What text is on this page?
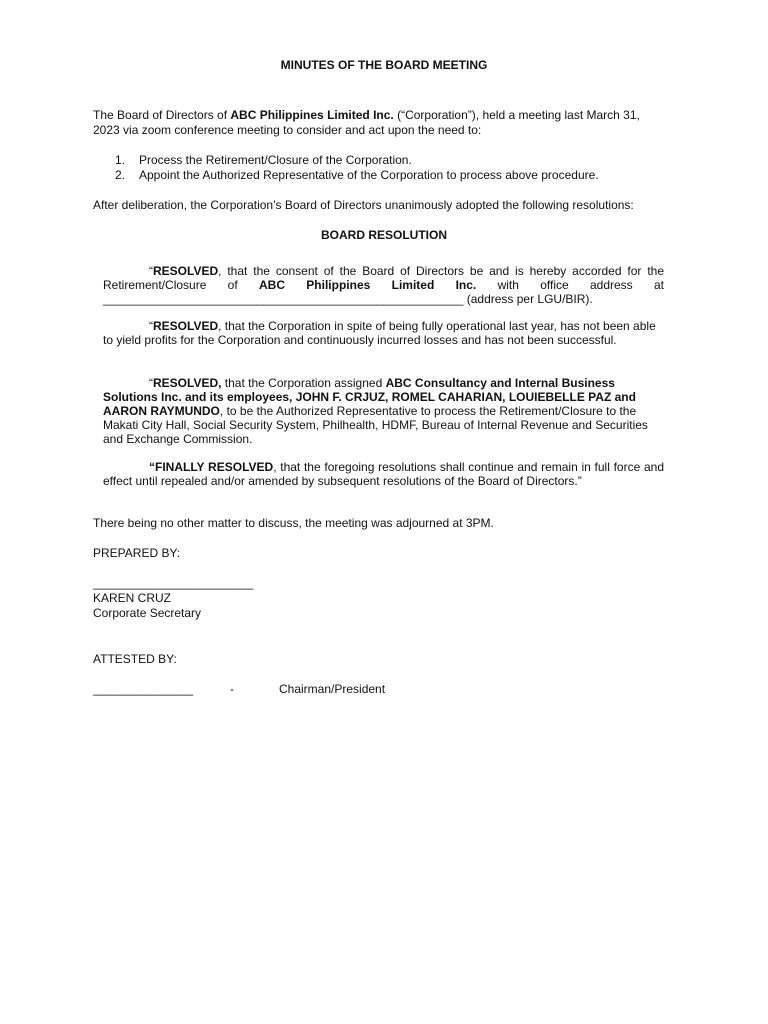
MINUTES OF THE BOARD MEETING
The Board of Directors of ABC Philippines Limited Inc. (“Corporation”), held a meeting last March 31, 2023 via zoom conference meeting to consider and act upon the need to:
1.	Process the Retirement/Closure of the Corporation.
2.	Appoint the Authorized Representative of the Corporation to process above procedure.
After deliberation, the Corporation’s Board of Directors unanimously adopted the following resolutions:
BOARD RESOLUTION
“RESOLVED, that the consent of the Board of Directors be and is hereby accorded for the Retirement/Closure of ABC Philippines Limited Inc. with office address at ______________________________________________________ (address per LGU/BIR).
“RESOLVED, that the Corporation in spite of being fully operational last year, has not been able to yield profits for the Corporation and continuously incurred losses and has not been successful.
“RESOLVED, that the Corporation assigned ABC Consultancy and Internal Business Solutions Inc. and its employees, JOHN F. CRJUZ, ROMEL CAHARIAN, LOUIEBELLE PAZ and AARON RAYMUNDO, to be the Authorized Representative to process the Retirement/Closure to the Makati City Hall, Social Security System, Philhealth, HDMF, Bureau of Internal Revenue and Securities and Exchange Commission.
“FINALLY RESOLVED, that the foregoing resolutions shall continue and remain in full force and effect until repealed and/or amended by subsequent resolutions of the Board of Directors.”
There being no other matter to discuss, the meeting was adjourned at 3PM.
PREPARED BY:
________________________
KAREN CRUZ
Corporate Secretary
ATTESTED BY:
_______________	-	Chairman/President
